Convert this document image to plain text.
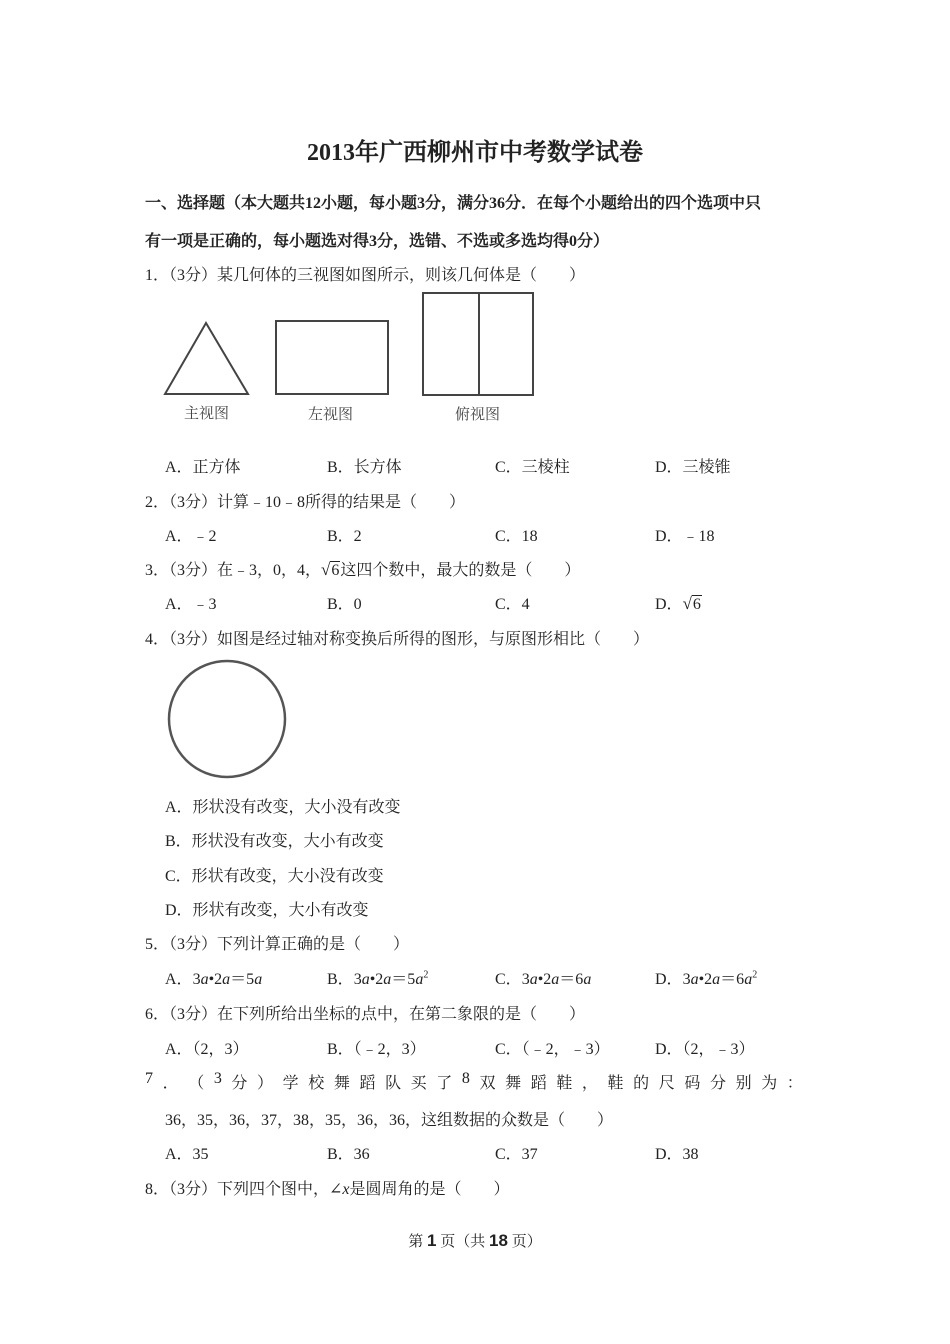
2013年广西柳州市中考数学试卷
一、选择题（本大题共12小题，每小题3分，满分36分．在每个小题给出的四个选项中只
有一项是正确的，每小题选对得3分，选错、不选或多选均得0分）
1．（3分）某几何体的三视图如图所示，则该几何体是（　　）
主视图	左视图	俯视图
A．正方体	B．长方体	C．三棱柱	D．三棱锥
2．（3分）计算﹣10﹣8所得的结果是（　　）
A．﹣2	B．2	C．18	D．﹣18
3．（3分）在﹣3，0，4，√6这四个数中，最大的数是（　　）
A．﹣3	B．0	C．4	D．√6
4．（3分）如图是经过轴对称变换后所得的图形，与原图形相比（　　）
A．形状没有改变，大小没有改变
B．形状没有改变，大小有改变
C．形状有改变，大小没有改变
D．形状有改变，大小有改变
5．（3分）下列计算正确的是（　　）
A．3a•2a＝5a	B．$3a•2a=5a^2$	C．3a•2a＝6a	D．$3a•2a=6a^2$
6．（3分）在下列所给出坐标的点中，在第二象限的是（　　）
A．（2，3）	B．（﹣2，3）	C．（﹣2，﹣3）	D．（2，﹣3）
7 ． （ 3 分 ） 学 校 舞 蹈 队 买 了 8 双 舞 蹈 鞋 ， 鞋 的 尺 码 分 别 为 ：
36，35，36，37，38，35，36，36，这组数据的众数是（　　）
A．35	B．36	C．37	D．38
8．（3分）下列四个图中，∠x是圆周角的是（　　）
第 1 页（共 18 页）
